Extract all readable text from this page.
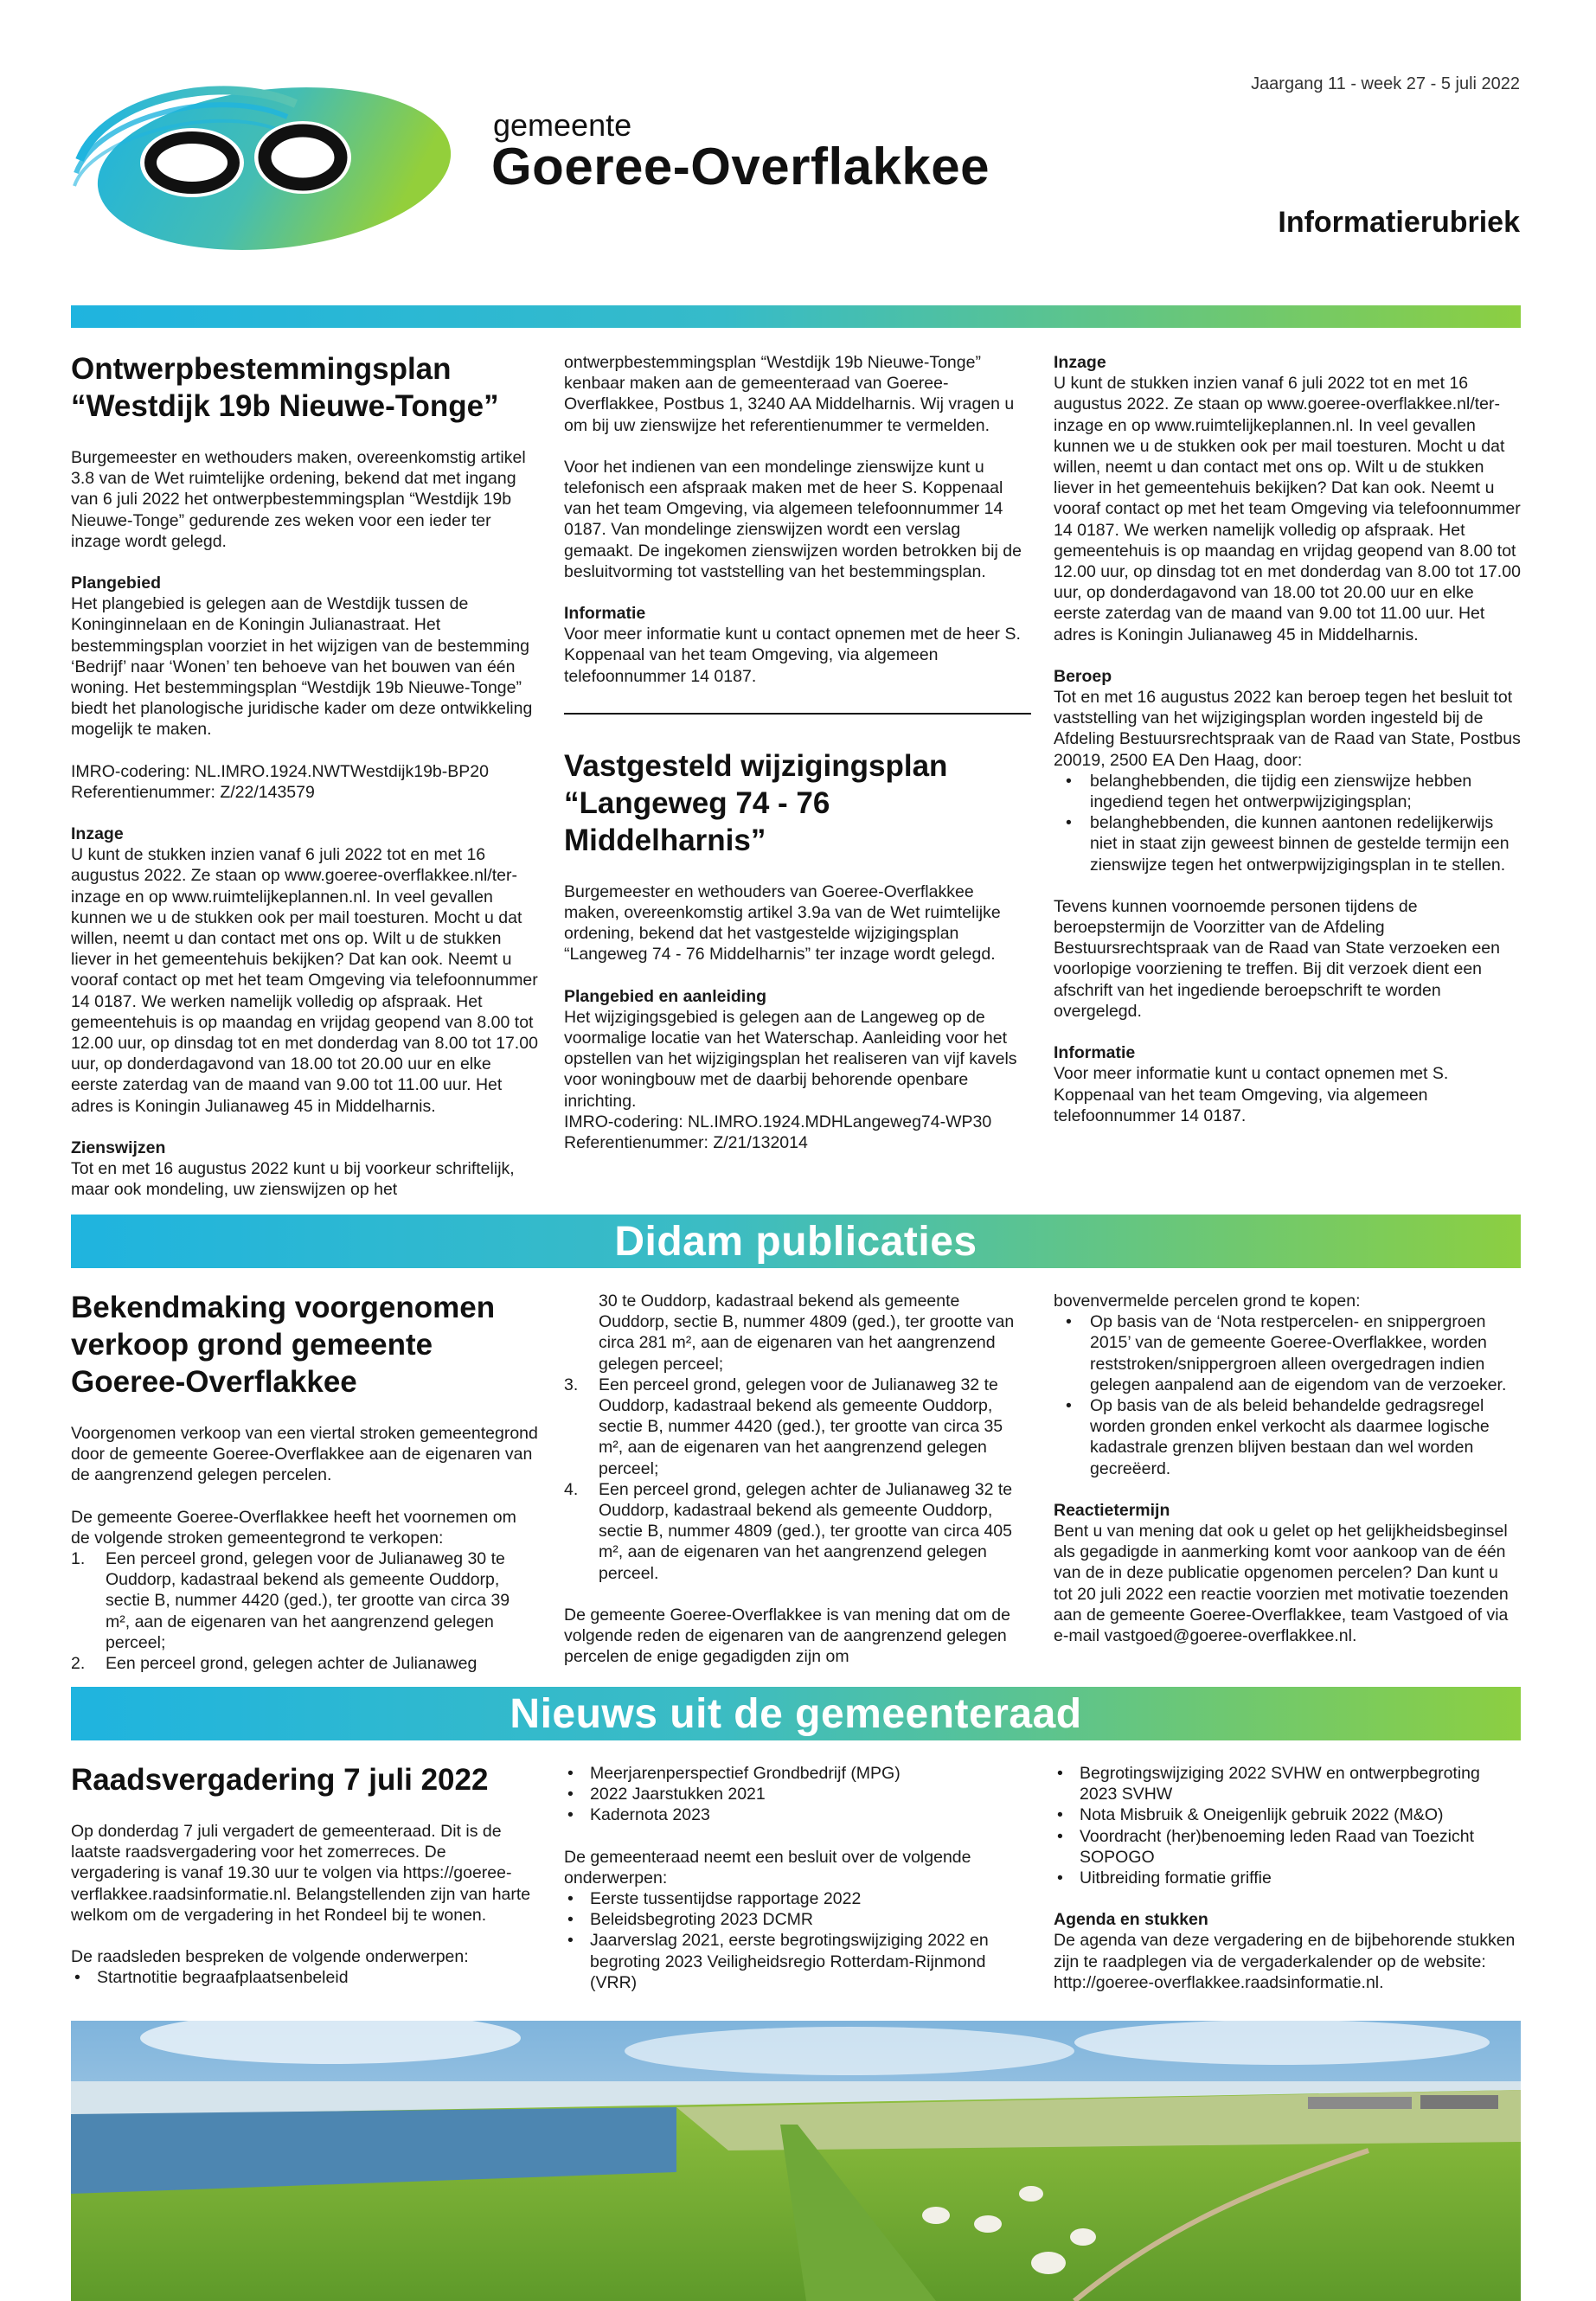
Jaargang 11 - week 27 - 5 juli 2022
gemeente
Goeree-Overflakkee
Informatierubriek
Ontwerpbestemmingsplan
“Westdijk 19b Nieuwe-Tonge”

Burgemeester en wethouders maken, overeenkomstig artikel 3.8 van de Wet ruimtelijke ordening, bekend dat met ingang van 6 juli 2022 het ontwerpbestemmingsplan “Westdijk 19b Nieuwe-Tonge” gedurende zes weken voor een ieder ter inzage wordt gelegd.

Plangebied

Het plangebied is gelegen aan de Westdijk tussen de Koninginnelaan en de Koningin Julianastraat. Het bestemmingsplan voorziet in het wijzigen van de bestemming ‘Bedrijf’ naar ‘Wonen’ ten behoeve van het bouwen van één woning. Het bestemmingsplan “Westdijk 19b Nieuwe-Tonge” biedt het planologische juridische kader om deze ontwikkeling mogelijk te maken.

IMRO-codering: NL.IMRO.1924.NWTWestdijk19b-BP20

Referentienummer: Z/22/143579

Inzage

U kunt de stukken inzien vanaf 6 juli 2022 tot en met 16 augustus 2022. Ze staan op www.goeree-overflakkee.nl/ter-inzage en op www.ruimtelijkeplannen.nl. In veel gevallen kunnen we u de stukken ook per mail toesturen. Mocht u dat willen, neemt u dan contact met ons op. Wilt u de stukken liever in het gemeentehuis bekijken? Dat kan ook. Neemt u vooraf contact op met het team Omgeving via telefoonnummer 14 0187. We werken namelijk volledig op afspraak. Het gemeentehuis is op maandag en vrijdag geopend van 8.00 tot 12.00 uur, op dinsdag tot en met donderdag van 8.00 tot 17.00 uur, op donderdagavond van 18.00 tot 20.00 uur en elke eerste zaterdag van de maand van 9.00 tot 11.00 uur. Het adres is Koningin Julianaweg 45 in Middelharnis.

Zienswijzen

Tot en met 16 augustus 2022 kunt u bij voorkeur schriftelijk, maar ook mondeling, uw zienswijzen op het

ontwerpbestemmingsplan “Westdijk 19b Nieuwe-Tonge” kenbaar maken aan de gemeenteraad van Goeree-Overflakkee, Postbus 1, 3240 AA Middelharnis. Wij vragen u om bij uw zienswijze het referentienummer te vermelden.

Voor het indienen van een mondelinge zienswijze kunt u telefonisch een afspraak maken met de heer S. Koppenaal van het team Omgeving, via algemeen telefoonnummer 14 0187. Van mondelinge zienswijzen wordt een verslag gemaakt. De ingekomen zienswijzen worden betrokken bij de besluitvorming tot vaststelling van het bestemmingsplan.

Informatie

Voor meer informatie kunt u contact opnemen met de heer S. Koppenaal van het team Omgeving, via algemeen telefoonnummer 14 0187.

Vastgesteld wijzigingsplan
“Langeweg 74 - 76
Middelharnis”

Burgemeester en wethouders van Goeree-Overflakkee maken, overeenkomstig artikel 3.9a van de Wet ruimtelijke ordening, bekend dat het vastgestelde wijzigingsplan “Langeweg 74 - 76 Middelharnis” ter inzage wordt gelegd.

Plangebied en aanleiding

Het wijzigingsgebied is gelegen aan de Langeweg op de voormalige locatie van het Waterschap. Aanleiding voor het opstellen van het wijzigingsplan het realiseren van vijf kavels voor woningbouw met de daarbij behorende openbare inrichting.

IMRO-codering: NL.IMRO.1924.MDHLangeweg74-WP30

Referentienummer: Z/21/132014

Inzage

U kunt de stukken inzien vanaf 6 juli 2022 tot en met 16 augustus 2022. Ze staan op www.goeree-overflakkee.nl/ter-inzage en op www.ruimtelijkeplannen.nl. In veel gevallen kunnen we u de stukken ook per mail toesturen. Mocht u dat willen, neemt u dan contact met ons op. Wilt u de stukken liever in het gemeentehuis bekijken? Dat kan ook. Neemt u vooraf contact op met het team Omgeving via telefoonnummer 14 0187. We werken namelijk volledig op afspraak. Het gemeentehuis is op maandag en vrijdag geopend van 8.00 tot 12.00 uur, op dinsdag tot en met donderdag van 8.00 tot 17.00 uur, op donderdagavond van 18.00 tot 20.00 uur en elke eerste zaterdag van de maand van 9.00 tot 11.00 uur. Het adres is Koningin Julianaweg 45 in Middelharnis.

Beroep

Tot en met 16 augustus 2022 kan beroep tegen het besluit tot vaststelling van het wijzigingsplan worden ingesteld bij de Afdeling Bestuursrechtspraak van de Raad van State, Postbus 20019, 2500 EA Den Haag, door:

• belanghebbenden, die tijdig een zienswijze hebben ingediend tegen het ontwerpwijzigingsplan;
• belanghebbenden, die kunnen aantonen redelijkerwijs niet in staat zijn geweest binnen de gestelde termijn een zienswijze tegen het ontwerpwijzigingsplan in te stellen.

Tevens kunnen voornoemde personen tijdens de beroepstermijn de Voorzitter van de Afdeling Bestuursrechtspraak van de Raad van State verzoeken een voorlopige voorziening te treffen. Bij dit verzoek dient een afschrift van het ingediende beroepschrift te worden overgelegd.

Informatie

Voor meer informatie kunt u contact opnemen met S. Koppenaal van het team Omgeving, via algemeen telefoonnummer 14 0187.

Didam publicaties
Bekendmaking voorgenomen
verkoop grond gemeente
Goeree-Overflakkee

Voorgenomen verkoop van een viertal stroken gemeentegrond door de gemeente Goeree-Overflakkee aan de eigenaren van de aangrenzend gelegen percelen.

De gemeente Goeree-Overflakkee heeft het voornemen om de volgende stroken gemeentegrond te verkopen:

1. Een perceel grond, gelegen voor de Julianaweg 30 te Ouddorp, kadastraal bekend als gemeente Ouddorp, sectie B, nummer 4420 (ged.), ter grootte van circa 39 m², aan de eigenaren van het aangrenzend gelegen perceel;
2. Een perceel grond, gelegen achter de Julianaweg

30 te Ouddorp, kadastraal bekend als gemeente Ouddorp, sectie B, nummer 4809 (ged.), ter grootte van circa 281 m², aan de eigenaren van het aangrenzend gelegen perceel;

3. Een perceel grond, gelegen voor de Julianaweg 32 te Ouddorp, kadastraal bekend als gemeente Ouddorp, sectie B, nummer 4420 (ged.), ter grootte van circa 35 m², aan de eigenaren van het aangrenzend gelegen perceel;
4. Een perceel grond, gelegen achter de Julianaweg 32 te Ouddorp, kadastraal bekend als gemeente Ouddorp, sectie B, nummer 4809 (ged.), ter grootte van circa 405 m², aan de eigenaren van het aangrenzend gelegen perceel.

De gemeente Goeree-Overflakkee is van mening dat om de volgende reden de eigenaren van de aangrenzend gelegen percelen de enige gegadigden zijn om

bovenvermelde percelen grond te kopen:

• Op basis van de ‘Nota restpercelen- en snippergroen 2015’ van de gemeente Goeree-Overflakkee, worden reststroken/snippergroen alleen overgedragen indien gelegen aanpalend aan de eigendom van de verzoeker.
• Op basis van de als beleid behandelde gedragsregel worden gronden enkel verkocht als daarmee logische kadastrale grenzen blijven bestaan dan wel worden gecreëerd.
Reactietermijn

Bent u van mening dat ook u gelet op het gelijkheidsbeginsel als gegadigde in aanmerking komt voor aankoop van de één van de in deze publicatie opgenomen percelen? Dan kunt u tot 20 juli 2022 een reactie voorzien met motivatie toezenden aan de gemeente Goeree-Overflakkee, team Vastgoed of via e-mail vastgoed@goeree-overflakkee.nl.

Nieuws uit de gemeenteraad
Raadsvergadering 7 juli 2022

Op donderdag 7 juli vergadert de gemeenteraad. Dit is de laatste raadsvergadering voor het zomerreces. De vergadering is vanaf 19.30 uur te volgen via https://goeree-verflakkee.raadsinformatie.nl. Belangstellenden zijn van harte welkom om de vergadering in het Rondeel bij te wonen.

De raadsleden bespreken de volgende onderwerpen:

• Startnotitie begraafplaatsenbeleid
• Meerjarenperspectief Grondbedrijf (MPG)
• 2022 Jaarstukken 2021
• Kadernota 2023

De gemeenteraad neemt een besluit over de volgende onderwerpen:

• Eerste tussentijdse rapportage 2022
• Beleidsbegroting 2023 DCMR
• Jaarverslag 2021, eerste begrotingswijziging 2022 en begroting 2023 Veiligheidsregio Rotterdam-Rijnmond (VRR)
• Begrotingswijziging 2022 SVHW en ontwerpbegroting 2023 SVHW
• Nota Misbruik & Oneigenlijk gebruik 2022 (M&O)
• Voordracht (her)benoeming leden Raad van Toezicht SOPOGO
• Uitbreiding formatie griffie
Agenda en stukken

De agenda van deze vergadering en de bijbehorende stukken zijn te raadplegen via de vergaderkalender op de website: http://goeree-overflakkee.raadsinformatie.nl.
